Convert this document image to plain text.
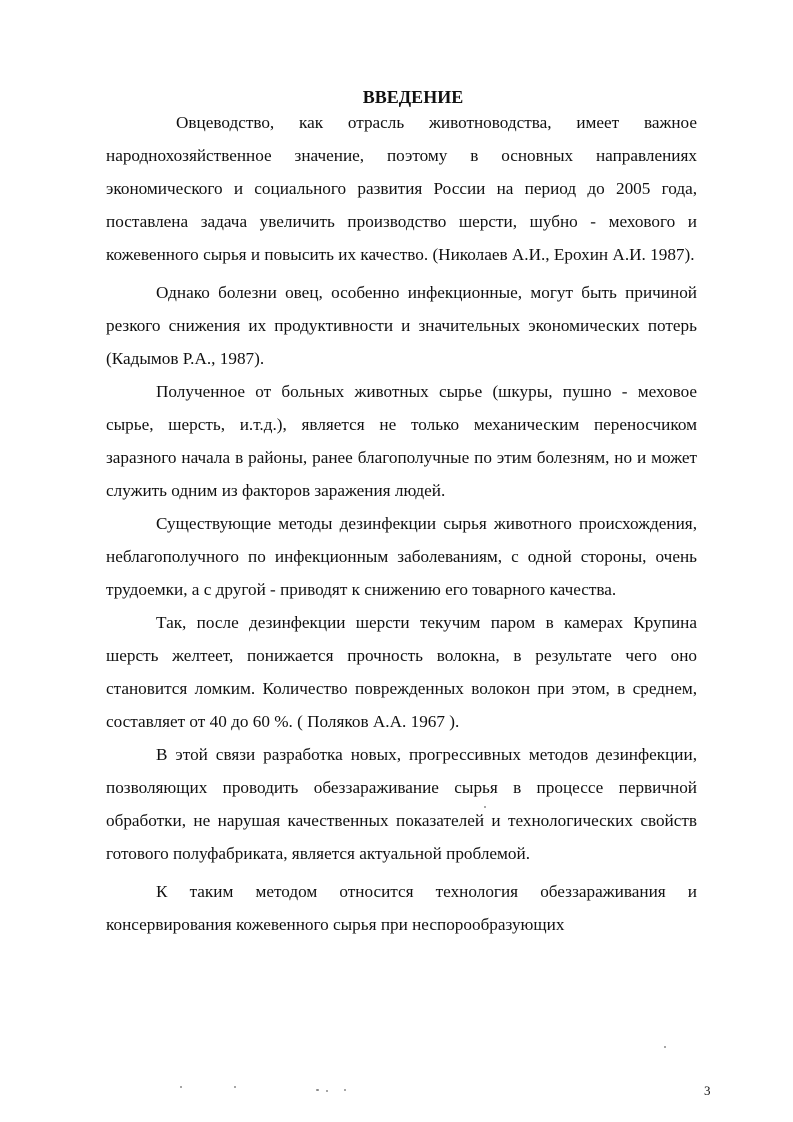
ВВЕДЕНИЕ

Овцеводство, как отрасль животноводства, имеет важное народнохозяйственное значение, поэтому в основных направлениях экономического и социального развития России на период до 2005 года, поставлена задача увеличить производство шерсти, шубно - мехового и кожевенного сырья и повысить их качество. (Николаев А.И., Ерохин А.И. 1987).

Однако болезни овец, особенно инфекционные, могут быть причиной резкого снижения их продуктивности и значительных экономических потерь (Кадымов Р.А., 1987).

Полученное от больных животных сырье (шкуры, пушно - меховое сырье, шерсть, и.т.д.), является не только механическим переносчиком заразного начала в районы, ранее благополучные по этим болезням, но и может служить одним из факторов заражения людей.

Существующие методы дезинфекции сырья животного происхождения, неблагополучного по инфекционным заболеваниям, с одной стороны, очень трудоемки, а с другой - приводят к снижению его товарного качества.

Так, после дезинфекции шерсти текучим паром в камерах Крупина шерсть желтеет, понижается прочность волокна, в результате чего оно становится ломким. Количество поврежденных волокон при этом, в среднем, составляет от 40 до 60 %. ( Поляков А.А. 1967 ).

В этой связи разработка новых, прогрессивных методов дезинфекции, позволяющих проводить обеззараживание сырья в процессе первичной обработки, не нарушая качественных показателей и технологических свойств готового полуфабриката, является актуальной проблемой.

К таким методом относится технология обеззараживания и консервирования кожевенного сырья при неспорообразующих

3
